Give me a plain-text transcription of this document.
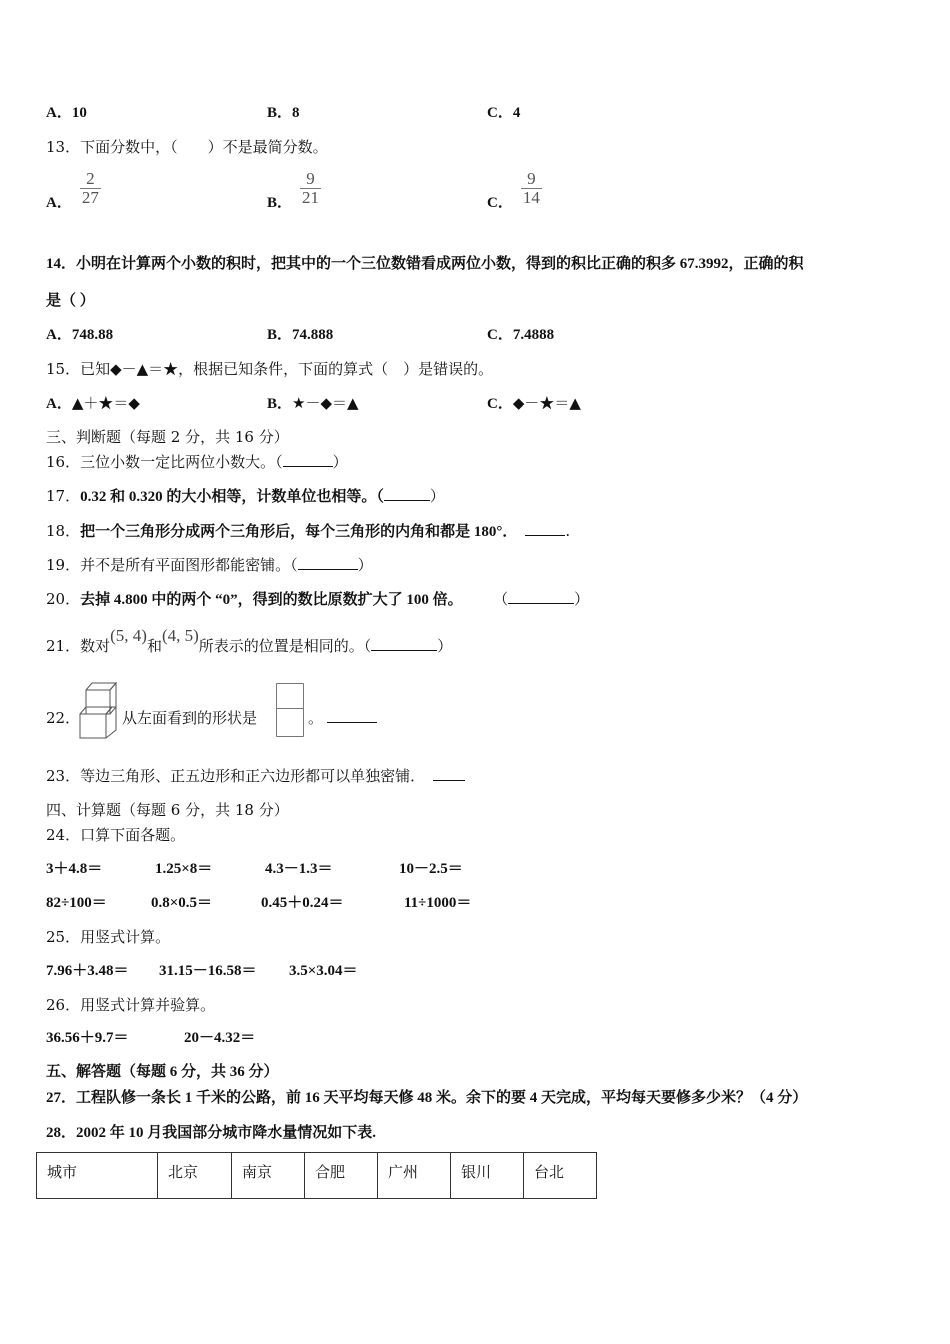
A．10	B．8	C．4
13．下面分数中，（　　）不是最简分数。
A． $\frac{2}{27}$	B． $\frac{9}{21}$	C． $\frac{9}{14}$
14．小明在计算两个小数的积时，把其中的一个三位数错看成两位小数，得到的积比正确的积多 67.3992，正确的积
是（ ）
A．748.88	B．74.888	C．7.4888
15．已知◆－▲＝★，根据已知条件，下面的算式（　）是错误的。
A．▲＋★＝◆	B．★－◆＝▲	C．◆－★＝▲
三、判断题（每题 2 分，共 16 分）
16．三位小数一定比两位小数大。（	）
17．0.32 和 0.320 的大小相等，计数单位也相等。（	）
18．把一个三角形分成两个三角形后，每个三角形的内角和都是 180°．	.
19．并不是所有平面图形都能密铺。（	）
20．去掉 4.800 中的两个 “0”，得到的数比原数扩大了 100 倍。	（	）
21．数对(5, 4)和(4, 5)所表示的位置是相同的。（	）
22．	从左面看到的形状是	。
23．等边三角形、正五边形和正六边形都可以单独密铺．
四、计算题（每题 6 分，共 18 分）
24．口算下面各题。
3＋4.8＝	1.25×8＝	4.3－1.3＝	10－2.5＝
82÷100＝	0.8×0.5＝	0.45＋0.24＝	11÷1000＝
25．用竖式计算。
7.96＋3.48＝ 31.15－16.58＝ 3.5×3.04＝
26．用竖式计算并验算。
36.56＋9.7＝	20－4.32＝
五、解答题（每题 6 分，共 36 分）
27．工程队修一条长 1 千米的公路，前 16 天平均每天修 48 米。余下的要 4 天完成，平均每天要修多少米？（4 分）
28．2002 年 10 月我国部分城市降水量情况如下表.
城市	北京	南京	合肥	广州	银川	台北
